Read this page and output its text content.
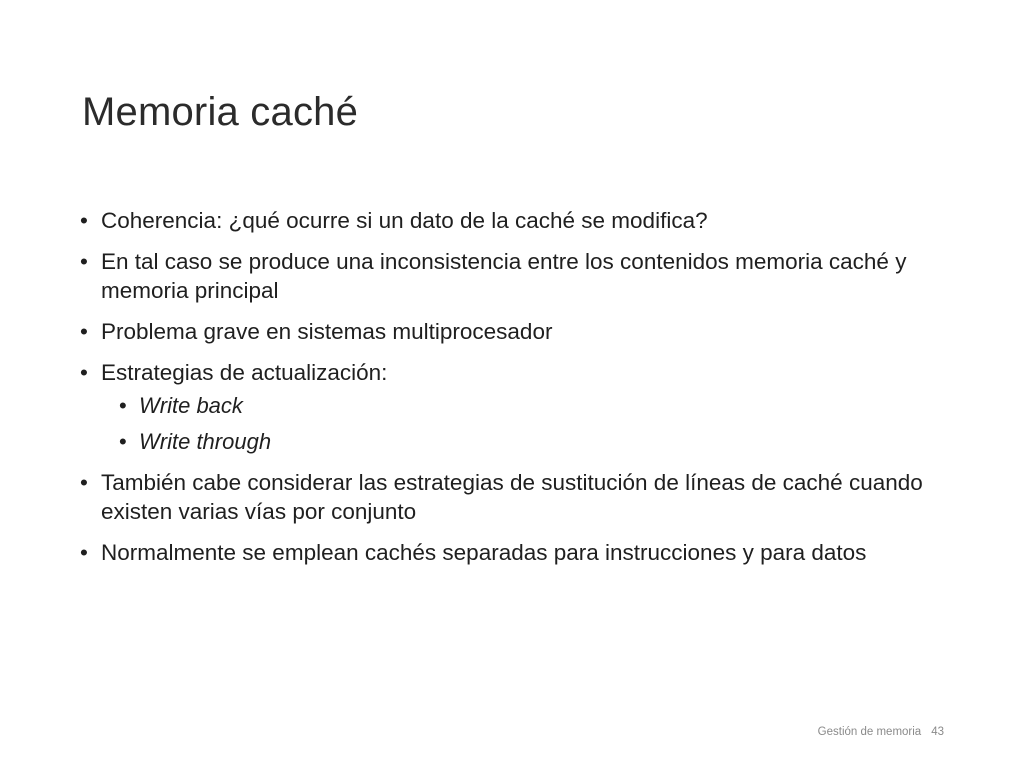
Memoria caché
• Coherencia: ¿qué ocurre si un dato de la caché se modifica?
• En tal caso se produce una inconsistencia entre los contenidos memoria caché y memoria principal
• Problema grave en sistemas multiprocesador
• Estrategias de actualización:
• Write back
• Write through
• También cabe considerar las estrategias de sustitución de líneas de caché cuando existen varias vías por conjunto
• Normalmente se emplean cachés separadas para instrucciones y para datos
Gestión de memoria 43
